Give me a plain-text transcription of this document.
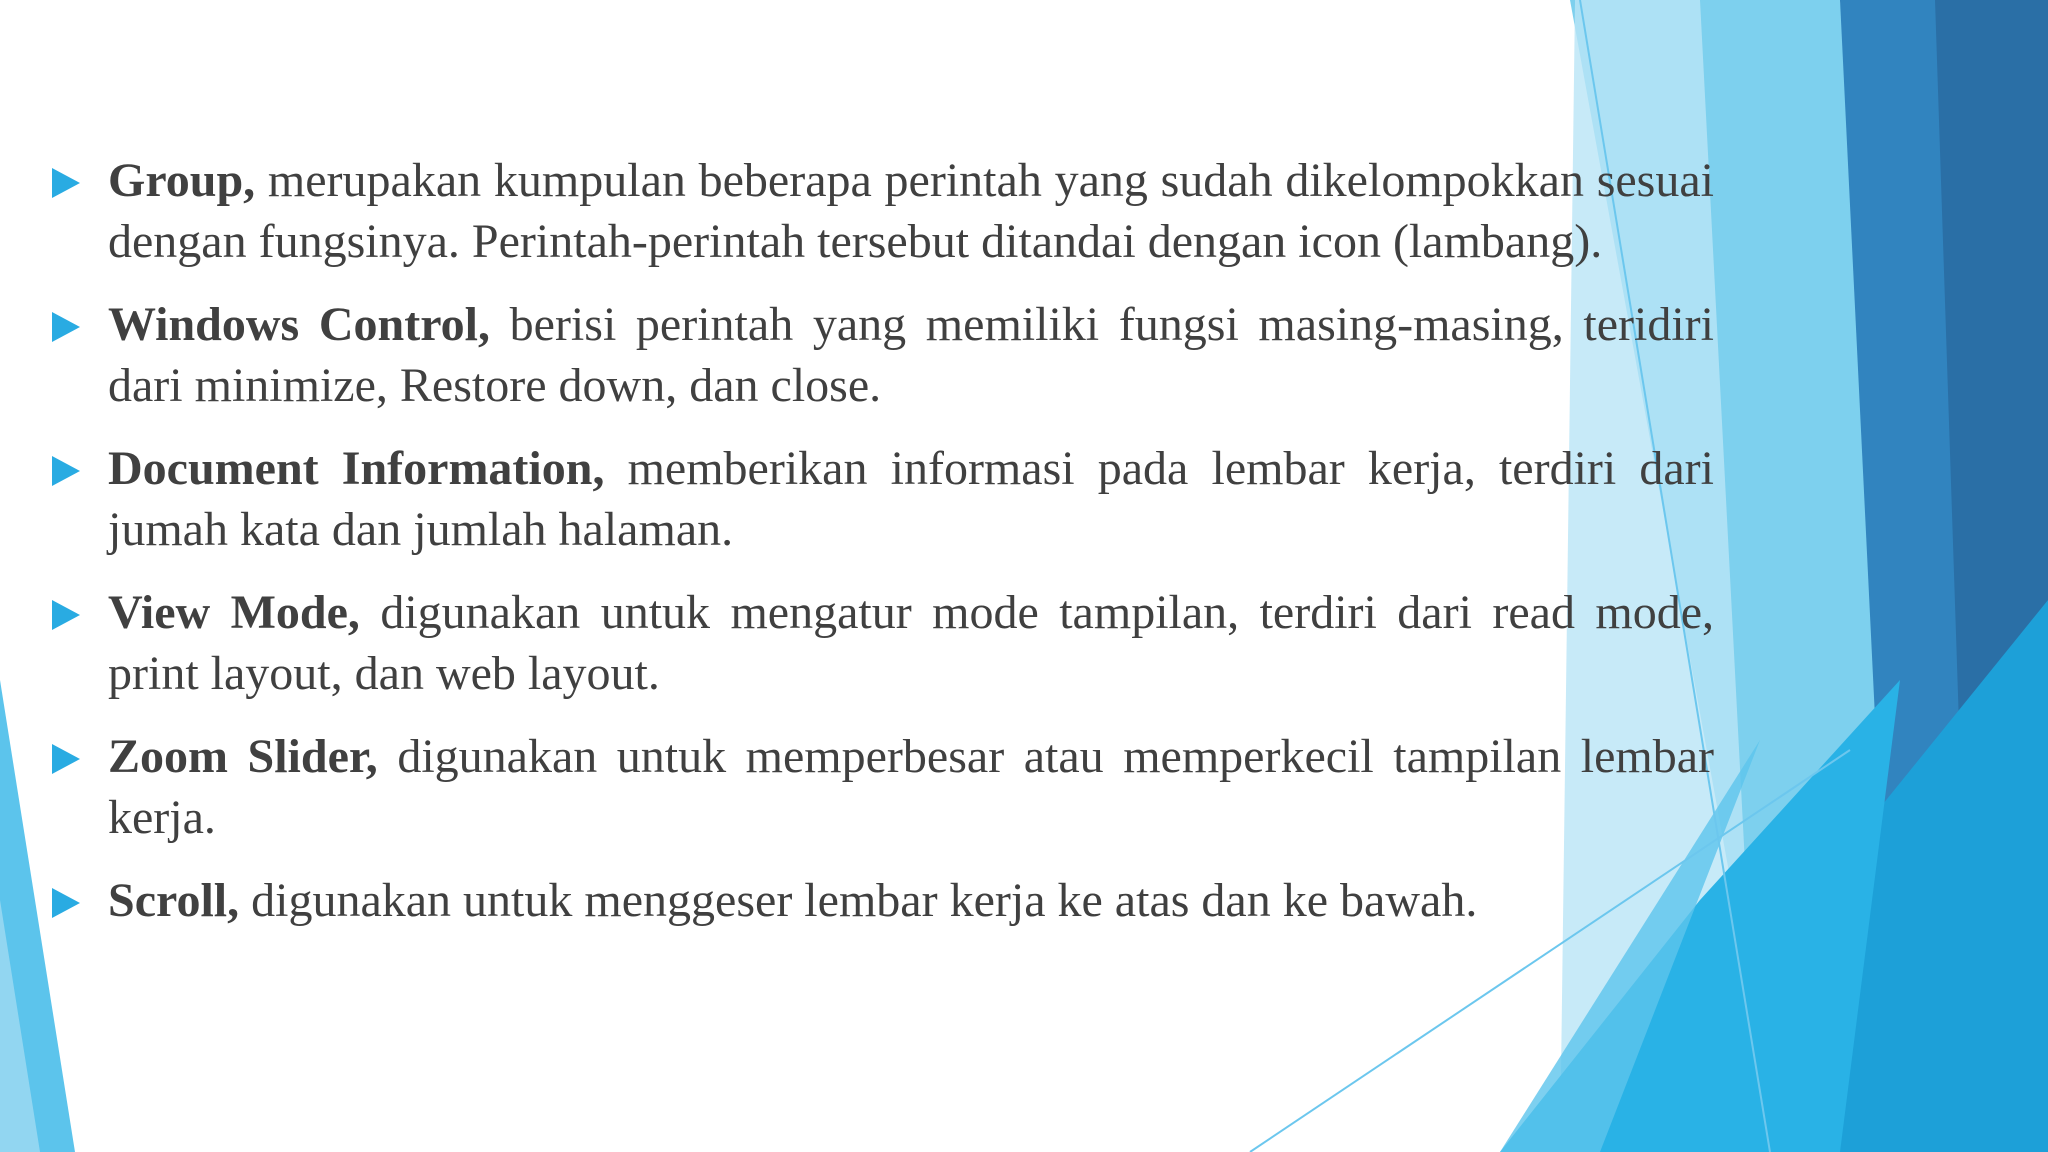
Group, merupakan kumpulan beberapa perintah yang sudah dikelompokkan sesuai dengan fungsinya. Perintah-perintah tersebut ditandai dengan icon (lambang).
Windows Control, berisi perintah yang memiliki fungsi masing-masing, teridiri dari minimize, Restore down, dan close.
Document Information, memberikan informasi pada lembar kerja, terdiri dari jumah kata dan jumlah halaman.
View Mode, digunakan untuk mengatur mode tampilan, terdiri dari read mode, print layout, dan web layout.
Zoom Slider, digunakan untuk memperbesar atau memperkecil tampilan lembar kerja.
Scroll, digunakan untuk menggeser lembar kerja ke atas dan ke bawah.
